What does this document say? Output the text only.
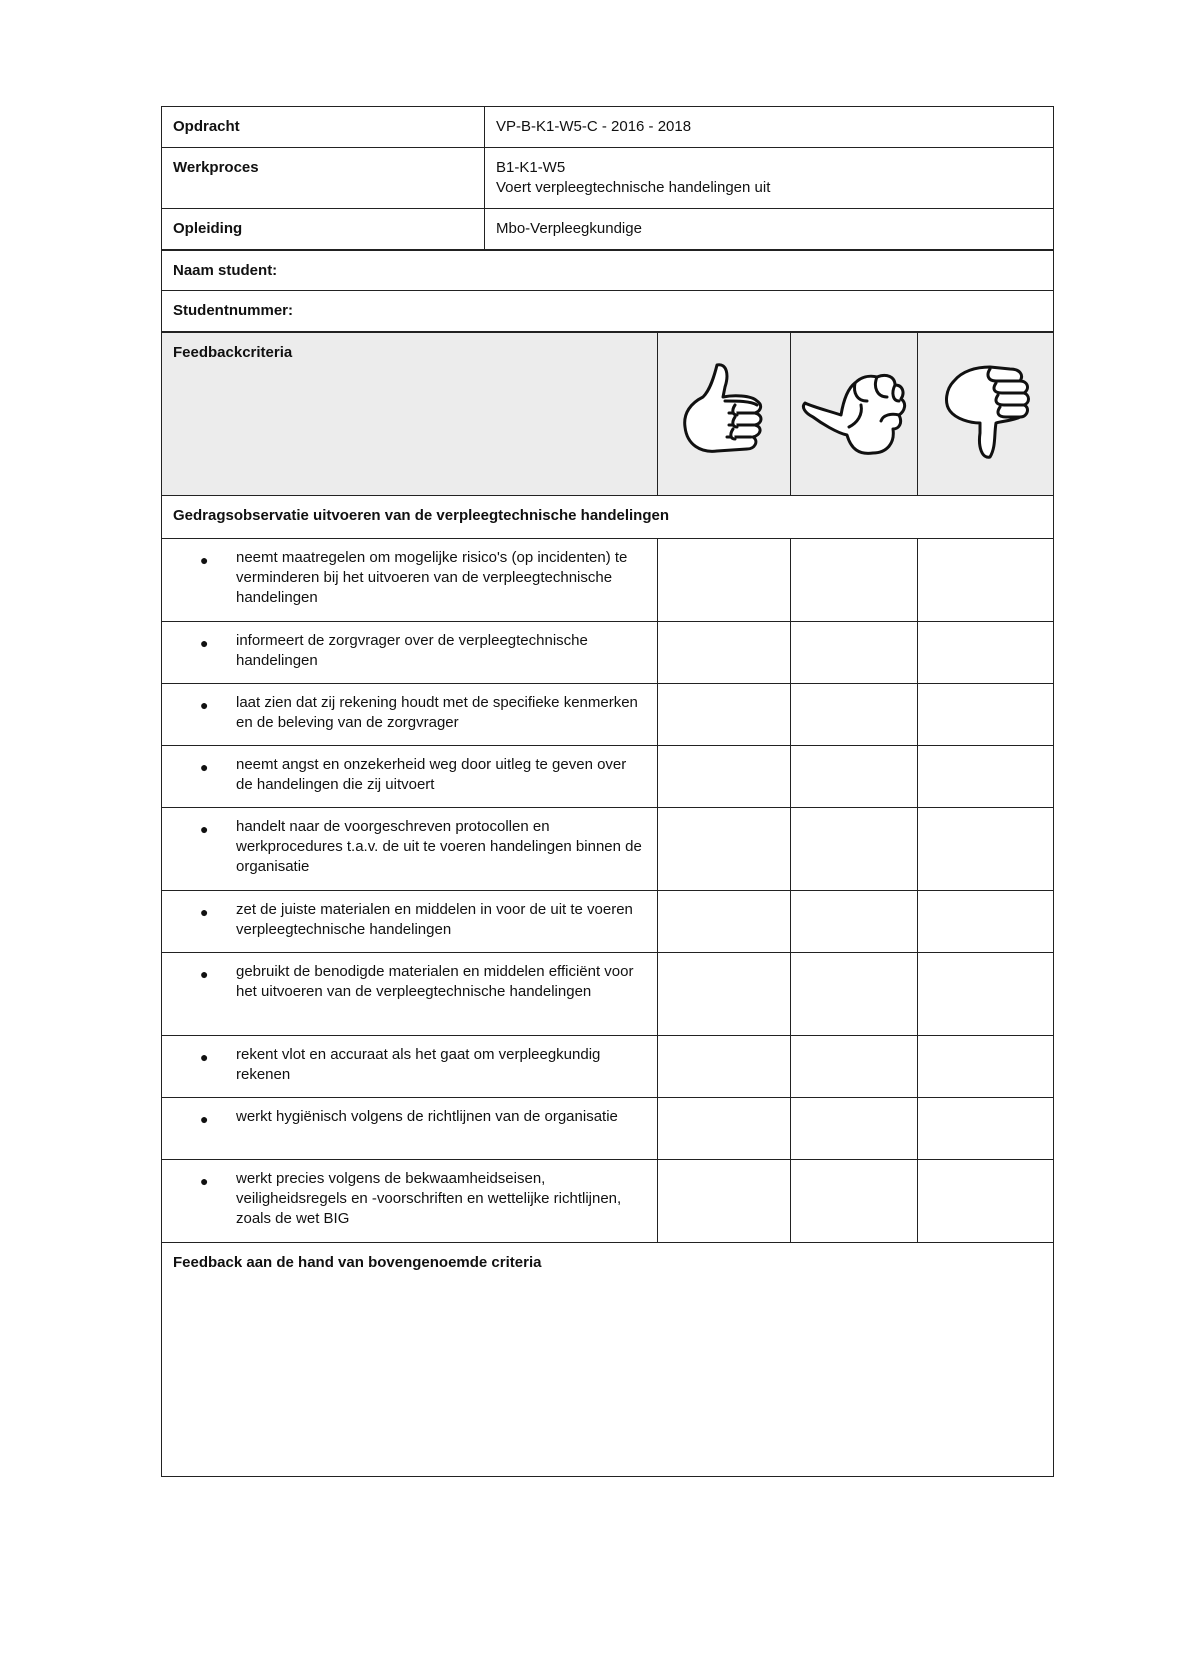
Opdracht	VP-B-K1-W5-C - 2016 - 2018

Werkproces	B1-K1-W5
Voert verpleegtechnische handelingen uit

Opleiding	Mbo-Verpleegkundige

Naam student:	

Studentnummer:	
Feedbackcriteria

Gedragsobservatie uitvoeren van de verpleegtechnische handelingen			

● neemt maatregelen om mogelijke risico's (op incidenten) te verminderen bij het uitvoeren van de verpleegtechnische handelingen			

● informeert de zorgvrager over de verpleegtechnische handelingen			

● laat zien dat zij rekening houdt met de specifieke kenmerken en de beleving van de zorgvrager			

● neemt angst en onzekerheid weg door uitleg te geven over de handelingen die zij uitvoert			

● handelt naar de voorgeschreven protocollen en werkprocedures t.a.v. de uit te voeren handelingen binnen de organisatie			

● zet de juiste materialen en middelen in voor de uit te voeren verpleegtechnische handelingen			

● gebruikt de benodigde materialen en middelen efficiënt voor het uitvoeren van de verpleegtechnische handelingen			

● rekent vlot en accuraat als het gaat om verpleegkundig rekenen			

● werkt hygiënisch volgens de richtlijnen van de organisatie			

● werkt precies volgens de bekwaamheidseisen, veiligheidsregels en -voorschriften en wettelijke richtlijnen, zoals de wet BIG			

Feedback aan de hand van bovengenoemde criteria			
